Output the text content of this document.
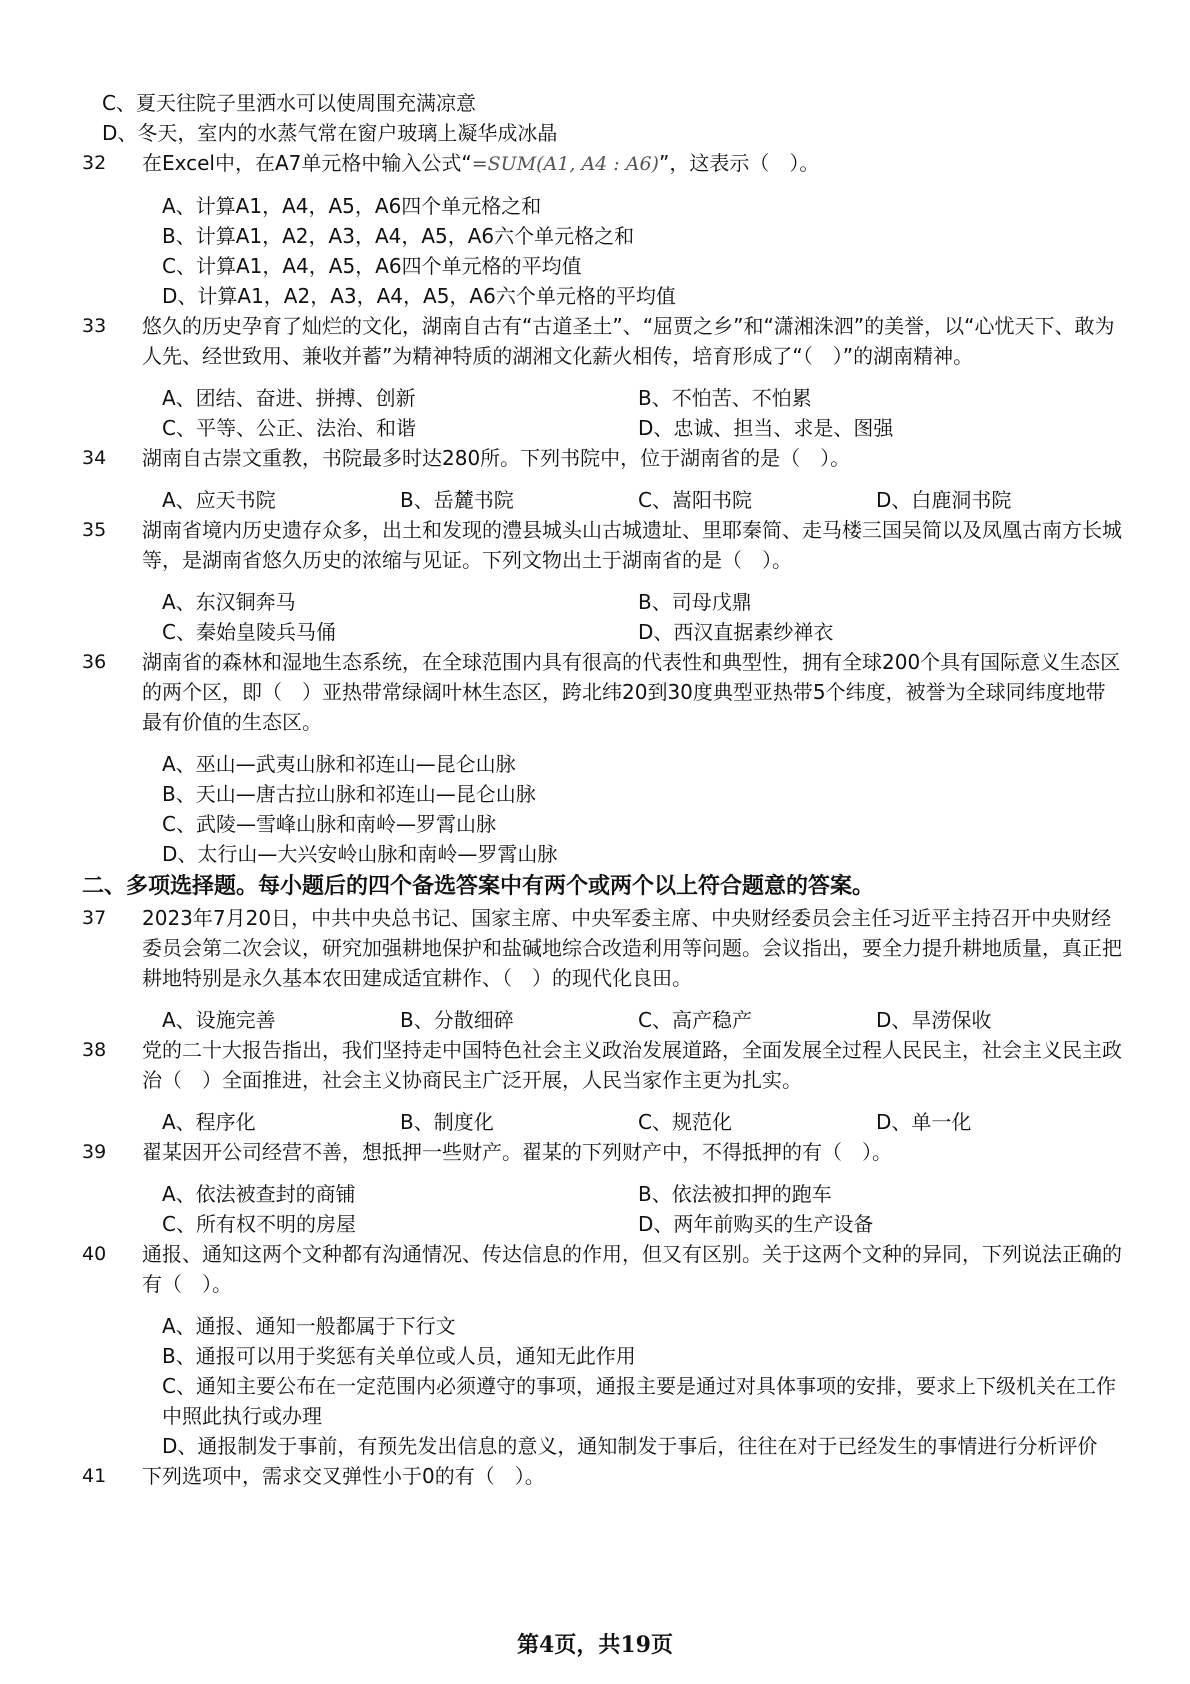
C、夏天往院子里洒水可以使周围充满凉意
D、冬天，室内的水蒸气常在窗户玻璃上凝华成冰晶
32	在Excel中，在A7单元格中输入公式“=SUM(A1, A4 : A6)”，这表示（　）。
A、计算A1，A4，A5，A6四个单元格之和
B、计算A1，A2，A3，A4，A5，A6六个单元格之和
C、计算A1，A4，A5，A6四个单元格的平均值
D、计算A1，A2，A3，A4，A5，A6六个单元格的平均值
33	悠久的历史孕育了灿烂的文化，湖南自古有“古道圣土”、“屈贾之乡”和“潇湘洙泗”的美誉，以“心忧天下、敢为人先、经世致用、兼收并蓄”为精神特质的湖湘文化薪火相传，培育形成了“（　）”的湖南精神。
A、团结、奋进、拼搏、创新	B、不怕苦、不怕累
C、平等、公正、法治、和谐	D、忠诚、担当、求是、图强
34	湖南自古崇文重教，书院最多时达280所。下列书院中，位于湖南省的是（　）。
A、应天书院	B、岳麓书院	C、嵩阳书院	D、白鹿洞书院
35	湖南省境内历史遗存众多，出土和发现的澧县城头山古城遗址、里耶秦简、走马楼三国吴简以及凤凰古南方长城等，是湖南省悠久历史的浓缩与见证。下列文物出土于湖南省的是（　）。
A、东汉铜奔马	B、司母戊鼎
C、秦始皇陵兵马俑	D、西汉直据素纱禅衣
36	湖南省的森林和湿地生态系统，在全球范围内具有很高的代表性和典型性，拥有全球200个具有国际意义生态区的两个区，即（　）亚热带常绿阔叶林生态区，跨北纬20到30度典型亚热带5个纬度，被誉为全球同纬度地带最有价值的生态区。
A、巫山—武夷山脉和祁连山—昆仑山脉
B、天山—唐古拉山脉和祁连山—昆仑山脉
C、武陵—雪峰山脉和南岭—罗霄山脉
D、太行山—大兴安岭山脉和南岭—罗霄山脉
二、多项选择题。每小题后的四个备选答案中有两个或两个以上符合题意的答案。
37	2023年7月20日，中共中央总书记、国家主席、中央军委主席、中央财经委员会主任习近平主持召开中央财经委员会第二次会议，研究加强耕地保护和盐碱地综合改造利用等问题。会议指出，要全力提升耕地质量，真正把耕地特别是永久基本农田建成适宜耕作、（　）的现代化良田。
A、设施完善	B、分散细碎	C、高产稳产	D、旱涝保收
38	党的二十大报告指出，我们坚持走中国特色社会主义政治发展道路，全面发展全过程人民民主，社会主义民主政治（　）全面推进，社会主义协商民主广泛开展，人民当家作主更为扎实。
A、程序化	B、制度化	C、规范化	D、单一化
39	翟某因开公司经营不善，想抵押一些财产。翟某的下列财产中，不得抵押的有（　）。
A、依法被查封的商铺	B、依法被扣押的跑车
C、所有权不明的房屋	D、两年前购买的生产设备
40	通报、通知这两个文种都有沟通情况、传达信息的作用，但又有区别。关于这两个文种的异同，下列说法正确的有（　）。
A、通报、通知一般都属于下行文
B、通报可以用于奖惩有关单位或人员，通知无此作用
C、通知主要公布在一定范围内必须遵守的事项，通报主要是通过对具体事项的安排，要求上下级机关在工作中照此执行或办理
D、通报制发于事前，有预先发出信息的意义，通知制发于事后，往往在对于已经发生的事情进行分析评价
41	下列选项中，需求交叉弹性小于0的有（　）。
第4页，共19页
